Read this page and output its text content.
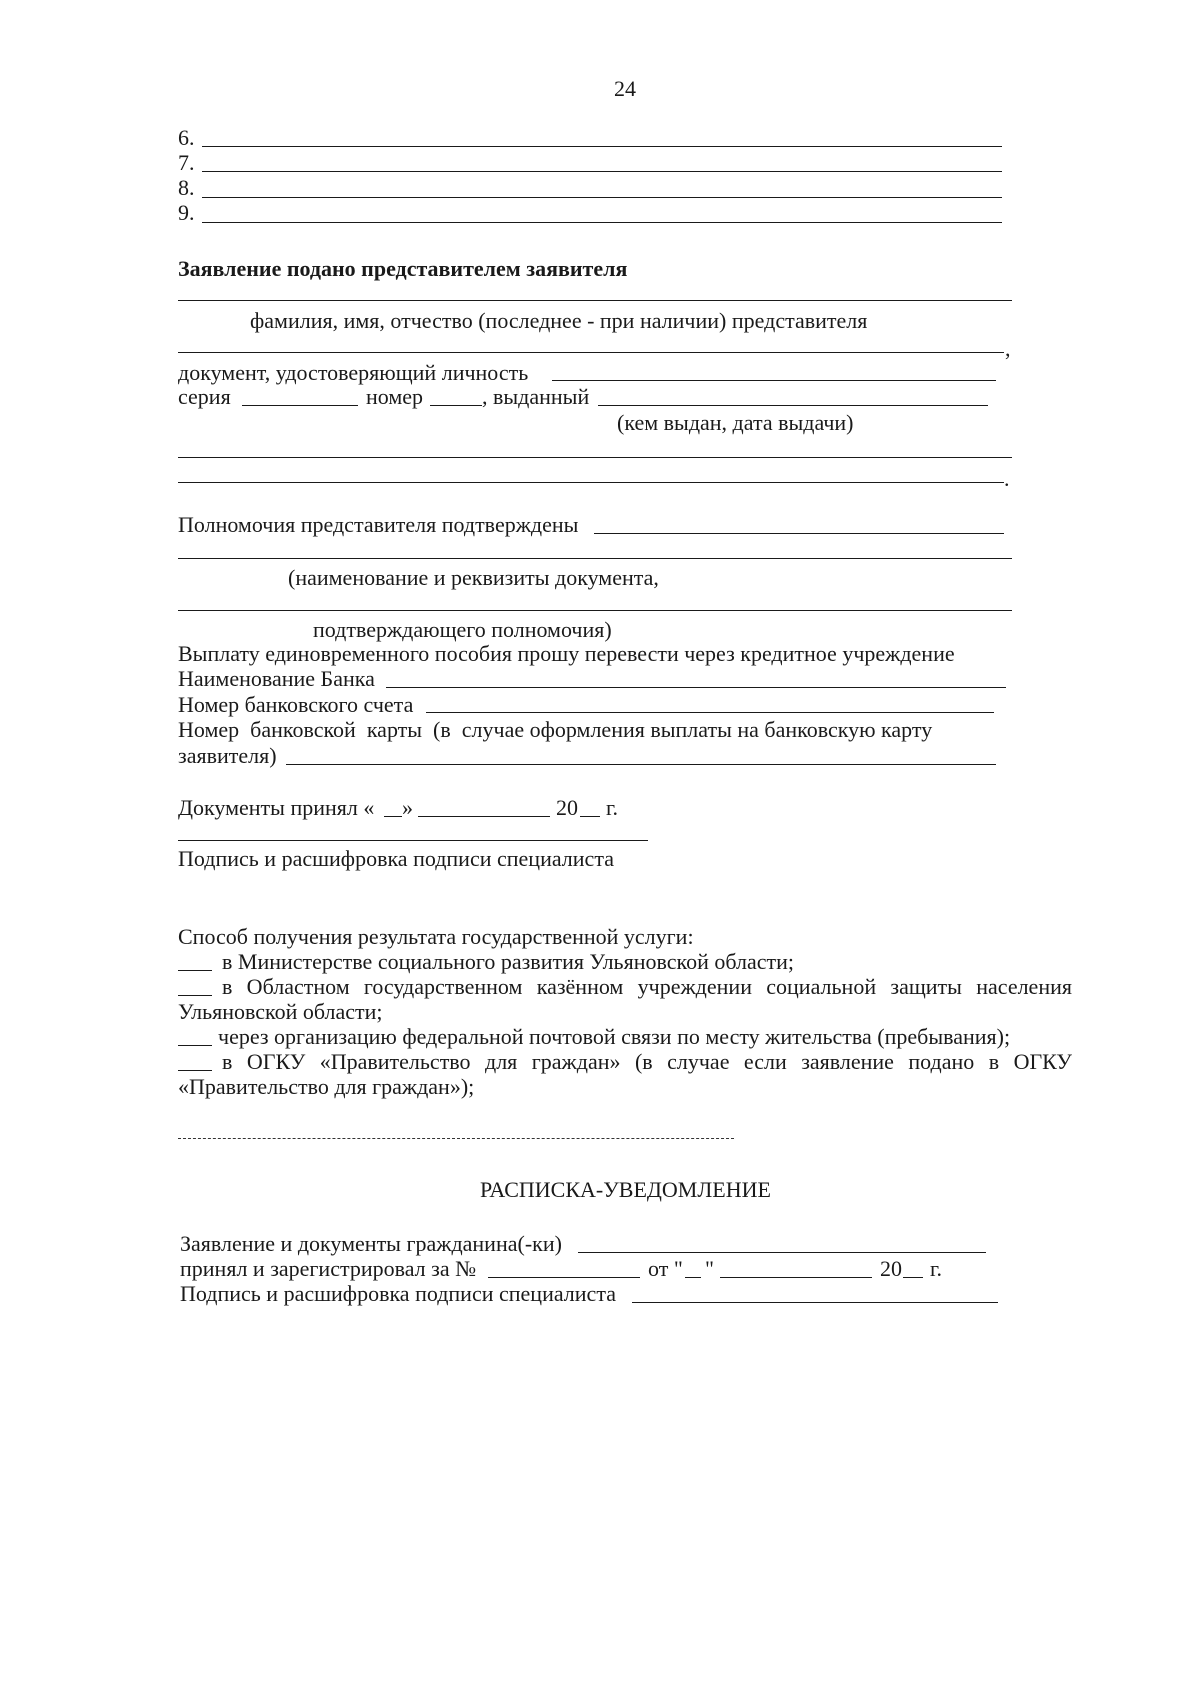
24
6.
7.
8.
9.
Заявление подано представителем заявителя
фамилия, имя, отчество (последнее - при наличии) представителя
,
документ, удостоверяющий личность
серия	номер	, выданный
(кем выдан, дата выдачи)
.
Полномочия представителя подтверждены
(наименование и реквизиты документа,
подтверждающего полномочия)
Выплату единовременного пособия прошу перевести через кредитное учреждение
Наименование Банка
Номер банковского счета
Номер  банковской  карты  (в  случае оформления выплаты на банковскую карту
заявителя)
Документы принял « »	20 г.
Подпись и расшифровка подписи специалиста
Способ получения результата государственной услуги:
в Министерстве социального развития Ульяновской области;
в Областном государственном казённом учреждении социальной защиты населения
Ульяновской области;
через организацию федеральной почтовой связи по месту жительства (пребывания);
в ОГКУ «Правительство для граждан» (в случае если заявление подано в ОГКУ
«Правительство для граждан»);
РАСПИСКА-УВЕДОМЛЕНИЕ
Заявление и документы гражданина(-ки)
принял и зарегистрировал за №	от " "	20 г.
Подпись и расшифровка подписи специалиста
